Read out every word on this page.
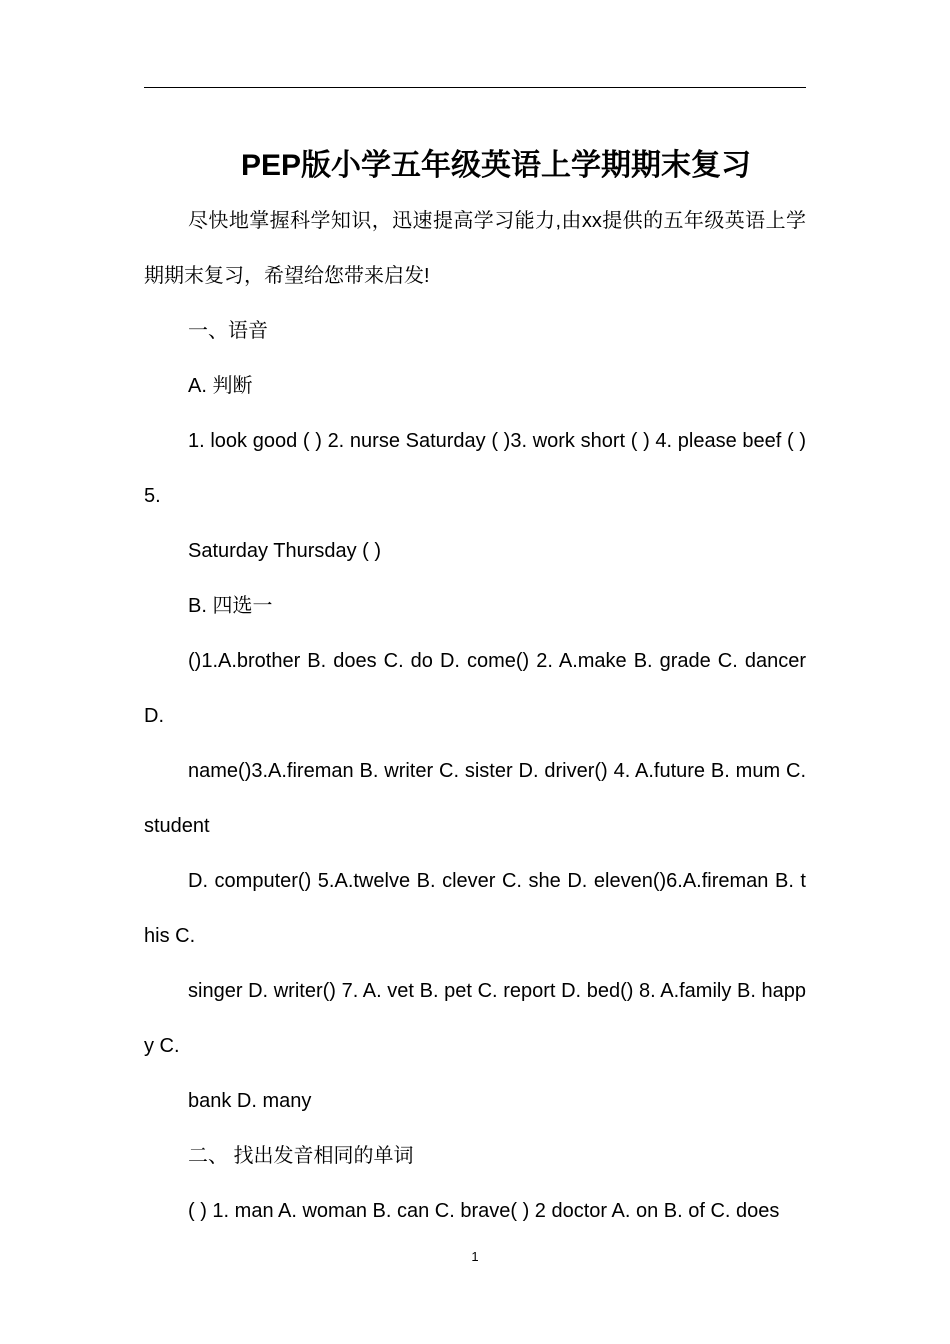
PEP版小学五年级英语上学期期末复习

尽快地掌握科学知识，迅速提高学习能力,由xx提供的五年级英语上学期期末复习，希望给您带来启发!

一、语音

A. 判断

1. look good ( ) 2. nurse Saturday ( )3. work short ( ) 4. please beef ( )5.

Saturday Thursday ( )

B. 四选一

()1.A.brother B. does C. do D. come() 2. A.make B. grade C. dancer D.

name()3.A.fireman B. writer C. sister D. driver() 4. A.future B. mum C. student

D. computer() 5.A.twelve B. clever C. she D. eleven()6.A.fireman B. this C.

singer D. writer() 7. A. vet B. pet C. report D. bed() 8. A.family B. happy C.

bank D. many

二、 找出发音相同的单词

( ) 1. man A. woman B. can C. brave( ) 2 doctor A. on B. of C. does

1
